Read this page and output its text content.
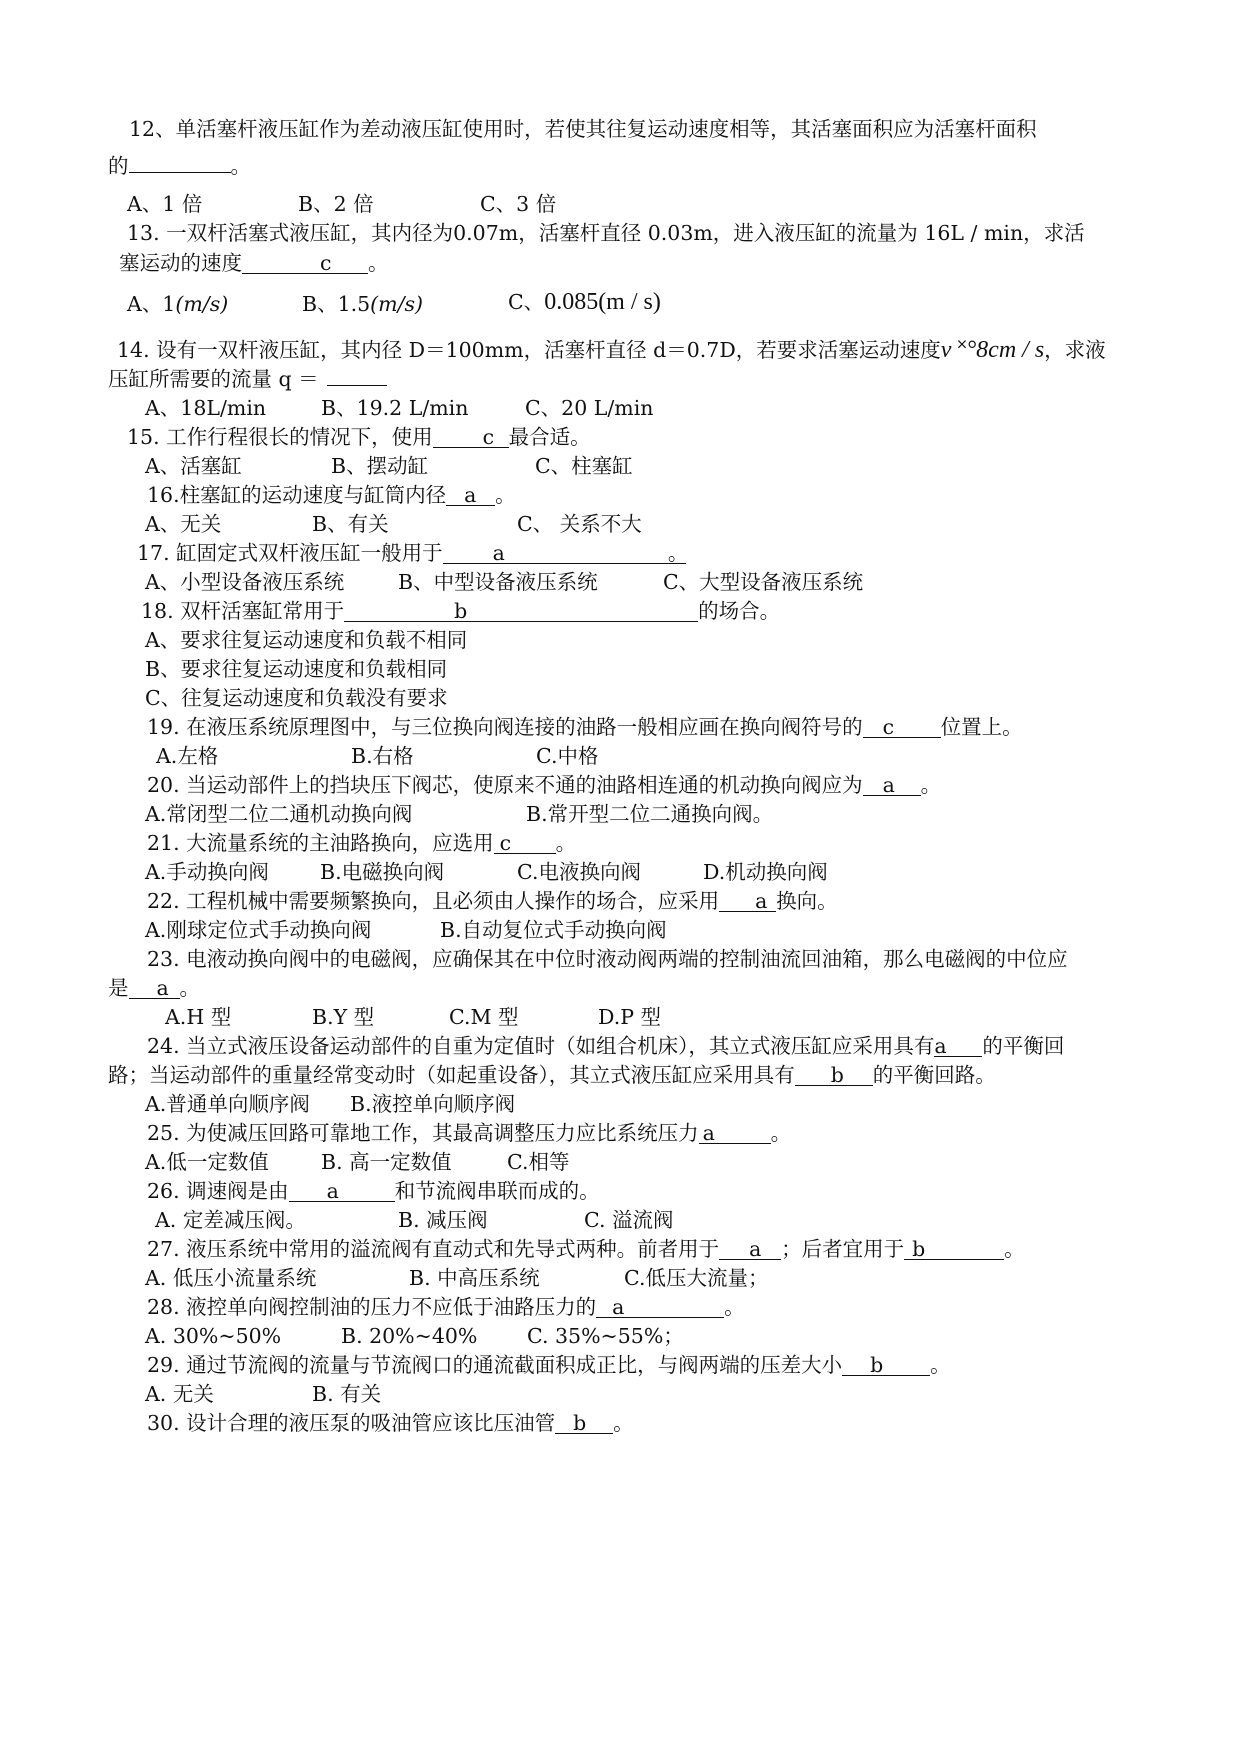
12、单活塞杆液压缸作为差动液压缸使用时，若使其往复运动速度相等，其活塞面积应为活塞杆面积
的	。
A、1 倍	B、2 倍	C、3 倍
13. 一双杆活塞式液压缸，其内径为0.07m，活塞杆直径 0.03m，进入液压缸的流量为 16L / min，求活
塞运动的速度	c 。
A、1(m/s)	B、1.5(m/s)	C、0.085(m / s)
14. 设有一双杆液压缸，其内径 D＝100mm，活塞杆直径 d＝0.7D，若要求活塞运动速度v ˟°8cm / s，求液
压缸所需要的流量 q ＝
A、18L/min	B、19.2 L/min	C、20 L/min
15. 工作行程很长的情况下，使用 c 最合适。
A、活塞缸	B、摆动缸	C、柱塞缸
16.柱塞缸的运动速度与缸筒内径 a 。
A、无关	B、有关	C、 关系不大
17. 缸固定式双杆液压缸一般用于 a	。
A、小型设备液压系统	B、中型设备液压系统	C、大型设备液压系统
18. 双杆活塞缸常用于	b	的场合。
A、要求往复运动速度和负载不相同
B、要求往复运动速度和负载相同
C、往复运动速度和负载没有要求
19. 在液压系统原理图中，与三位换向阀连接的油路一般相应画在换向阀符号的 c 位置上。
A.左格	B.右格	C.中格
20. 当运动部件上的挡块压下阀芯，使原来不通的油路相连通的机动换向阀应为 a 。
A.常闭型二位二通机动换向阀	B.常开型二位二通换向阀。
21. 大流量系统的主油路换向，应选用 c 。
A.手动换向阀 B.电磁换向阀	C.电液换向阀	D.机动换向阀
22. 工程机械中需要频繁换向，且必须由人操作的场合，应采用 a 换向。
A.刚球定位式手动换向阀	B.自动复位式手动换向阀
23. 电液动换向阀中的电磁阀，应确保其在中位时液动阀两端的控制油流回油箱，那么电磁阀的中位应
是 a 。
A.H 型	B.Y 型	C.M 型	D.P 型
24. 当立式液压设备运动部件的自重为定值时（如组合机床），其立式液压缸应采用具有a 的平衡回
路；当运动部件的重量经常变动时（如起重设备），其立式液压缸应采用具有 b 的平衡回路。
A.普通单向顺序阀 B.液控单向顺序阀
25. 为使减压回路可靠地工作，其最高调整压力应比系统压力 a	。
A.低一定数值	B. 高一定数值	C.相等
26. 调速阀是由 a	和节流阀串联而成的。
A. 定差减压阀。	B. 减压阀	C. 溢流阀
27. 液压系统中常用的溢流阀有直动式和先导式两种。前者用于 a ；后者宜用于 b	。
A. 低压小流量系统	B. 中高压系统	C.低压大流量；
28. 液控单向阀控制油的压力不应低于油路压力的 a	。
A. 30%~50%	B. 20%~40% C. 35%~55%；
29. 通过节流阀的流量与节流阀口的通流截面积成正比，与阀两端的压差大小 b 。
A. 无关	B. 有关
30. 设计合理的液压泵的吸油管应该比压油管 b 。
